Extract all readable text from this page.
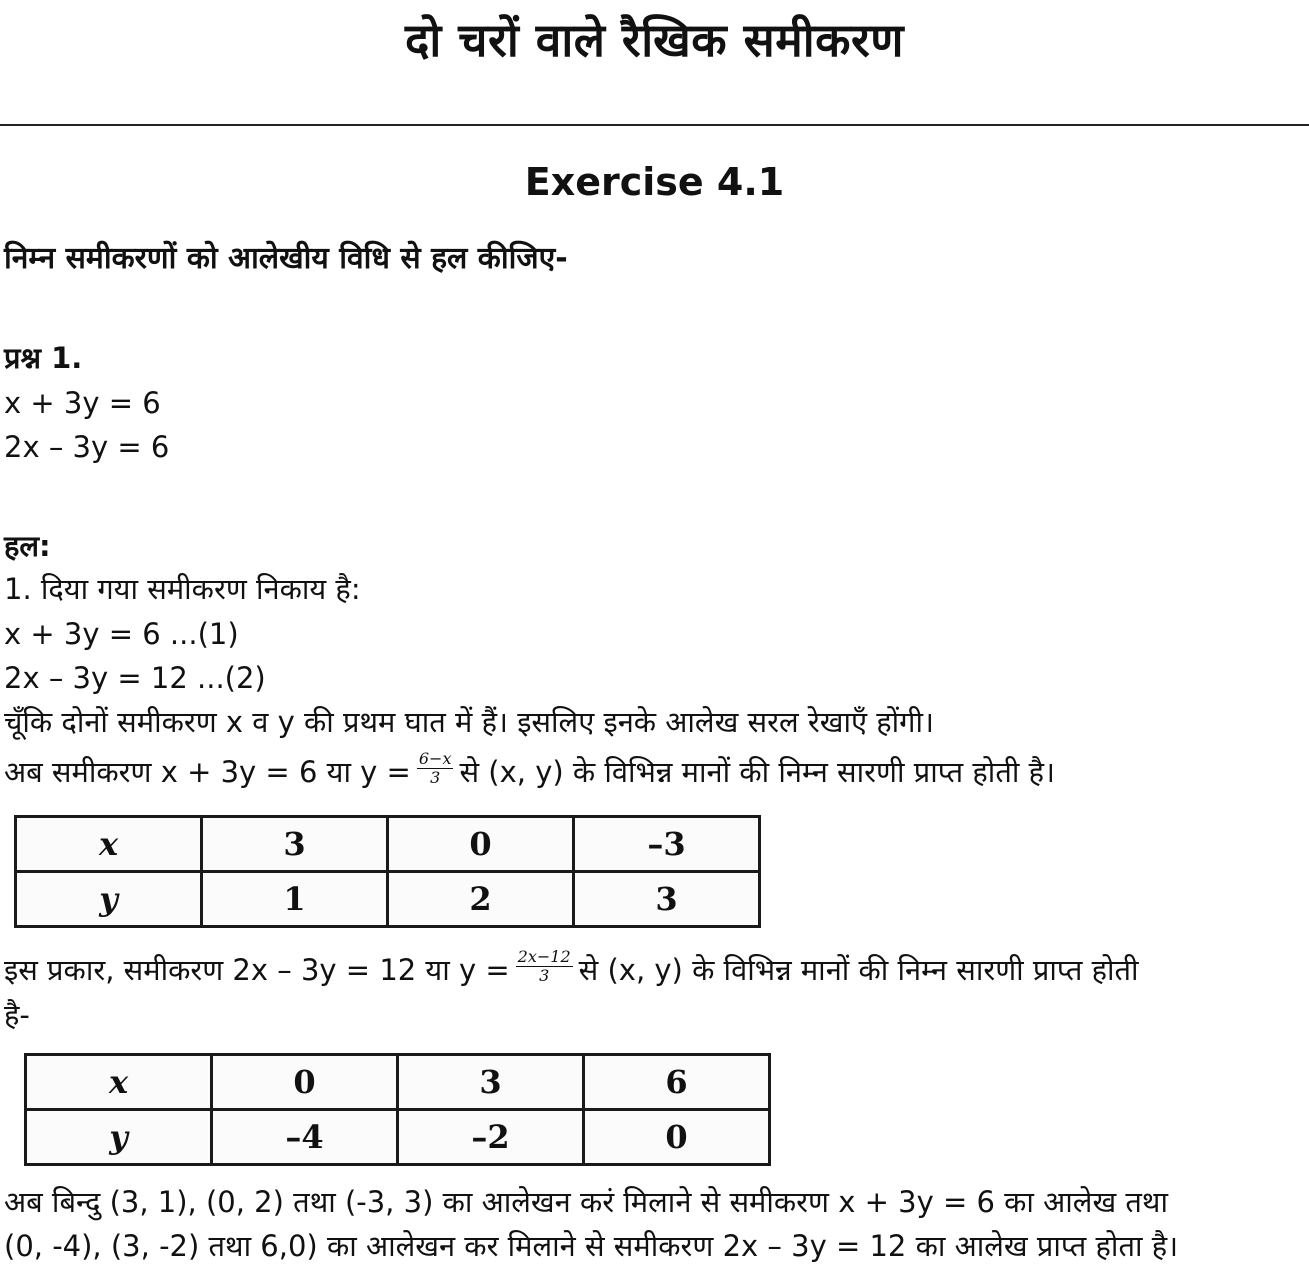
दो चरों वाले रैखिक समीकरण
Exercise 4.1
निम्न समीकरणों को आलेखीय विधि से हल कीजिए-
प्रश्न 1.
x + 3y = 6
2x – 3y = 6
हल:
1. दिया गया समीकरण निकाय है:
x + 3y = 6 ...(1)
2x – 3y = 12 ...(2)
चूँकि दोनों समीकरण x व y की प्रथम घात में हैं। इसलिए इनके आलेख सरल रेखाएँ होंगी।
अब समीकरण x + 3y = 6 या $y = \frac{6-x}{3}$ से (x, y) के विभिन्न मानों की निम्न सारणी प्राप्त होती है।
x	3	0	–3
y	1	2	3
इस प्रकार, समीकरण 2x – 3y = 12 या $y = \frac{2x-12}{3}$ से (x, y) के विभिन्न मानों की निम्न सारणी प्राप्त होती
है-
x	0	3	6
y	–4	–2	0
अब बिन्दु (3, 1), (0, 2) तथा (-3, 3) का आलेखन करं मिलाने से समीकरण x + 3y = 6 का आलेख तथा
(0, -4), (3, -2) तथा 6,0) का आलेखन कर मिलाने से समीकरण 2x – 3y = 12 का आलेख प्राप्त होता है।
